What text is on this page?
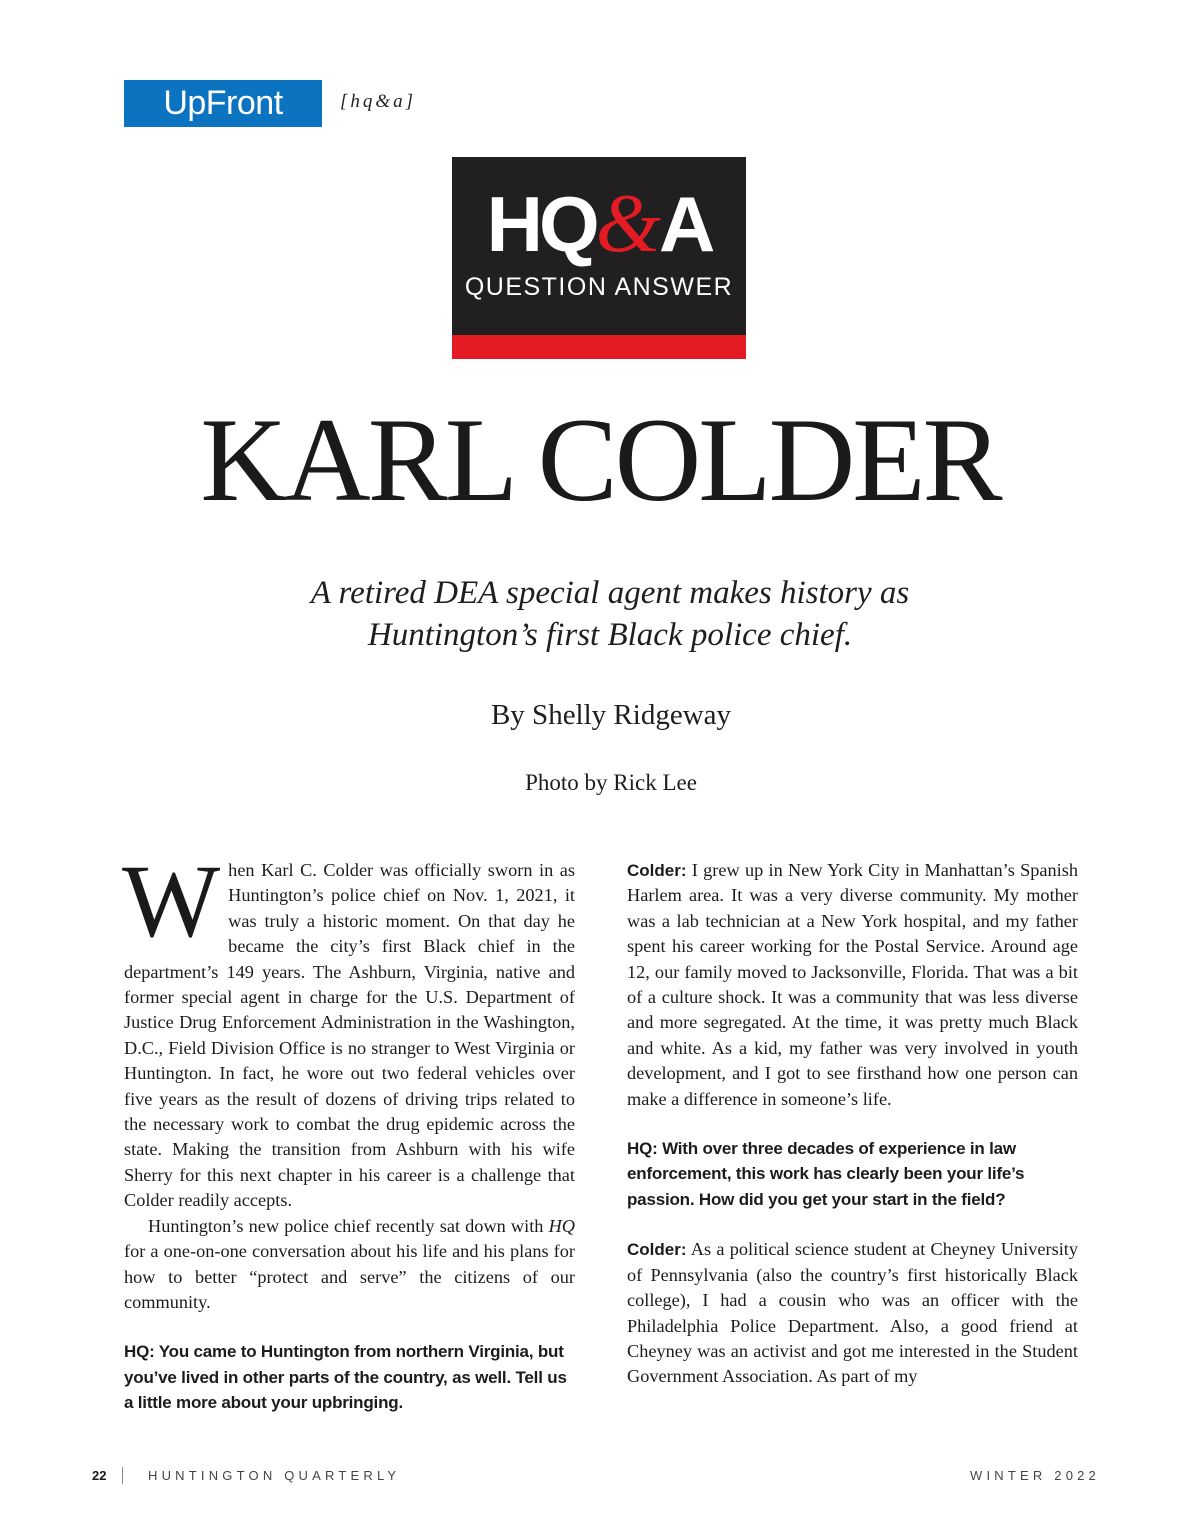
UpFront	[hq&a]
HQ&A
QUESTION ANSWER
KARL COLDER
A retired DEA special agent makes history as
Huntington’s first Black police chief.
By Shelly Ridgeway
Photo by Rick Lee

When Karl C. Colder was officially sworn in as Huntington’s police chief on Nov. 1, 2021, it was truly a historic moment. On that day he became the city’s first Black chief in the department’s 149 years. The Ashburn, Virginia, native and former special agent in charge for the U.S. Department of Justice Drug Enforcement Administration in the Washington, D.C., Field Division Office is no stranger to West Virginia or Huntington. In fact, he wore out two federal vehicles over five years as the result of dozens of driving trips related to the necessary work to combat the drug epidemic across the state. Making the transition from Ashburn with his wife Sherry for this next chapter in his career is a challenge that Colder readily accepts.

Huntington’s new police chief recently sat down with HQ for a one-on-one conversation about his life and his plans for how to better “protect and serve” the citizens of our community.

HQ: You came to Huntington from northern Virginia, but you’ve lived in other parts of the country, as well. Tell us a little more about your upbringing.

Colder: I grew up in New York City in Manhattan’s Spanish Harlem area. It was a very diverse community. My mother was a lab technician at a New York hospital, and my father spent his career working for the Postal Service. Around age 12, our family moved to Jacksonville, Florida. That was a bit of a culture shock. It was a community that was less diverse and more segregated. At the time, it was pretty much Black and white. As a kid, my father was very involved in youth development, and I got to see firsthand how one person can make a difference in someone’s life.

HQ: With over three decades of experience in law enforcement, this work has clearly been your life’s passion. How did you get your start in the field?

Colder: As a political science student at Cheyney University of Pennsylvania (also the country’s first historically Black college), I had a cousin who was an officer with the Philadelphia Police Department. Also, a good friend at Cheyney was an activist and got me interested in the Student Government Association. As part of my

22	HUNTINGTON QUARTERLY	WINTER 2022
